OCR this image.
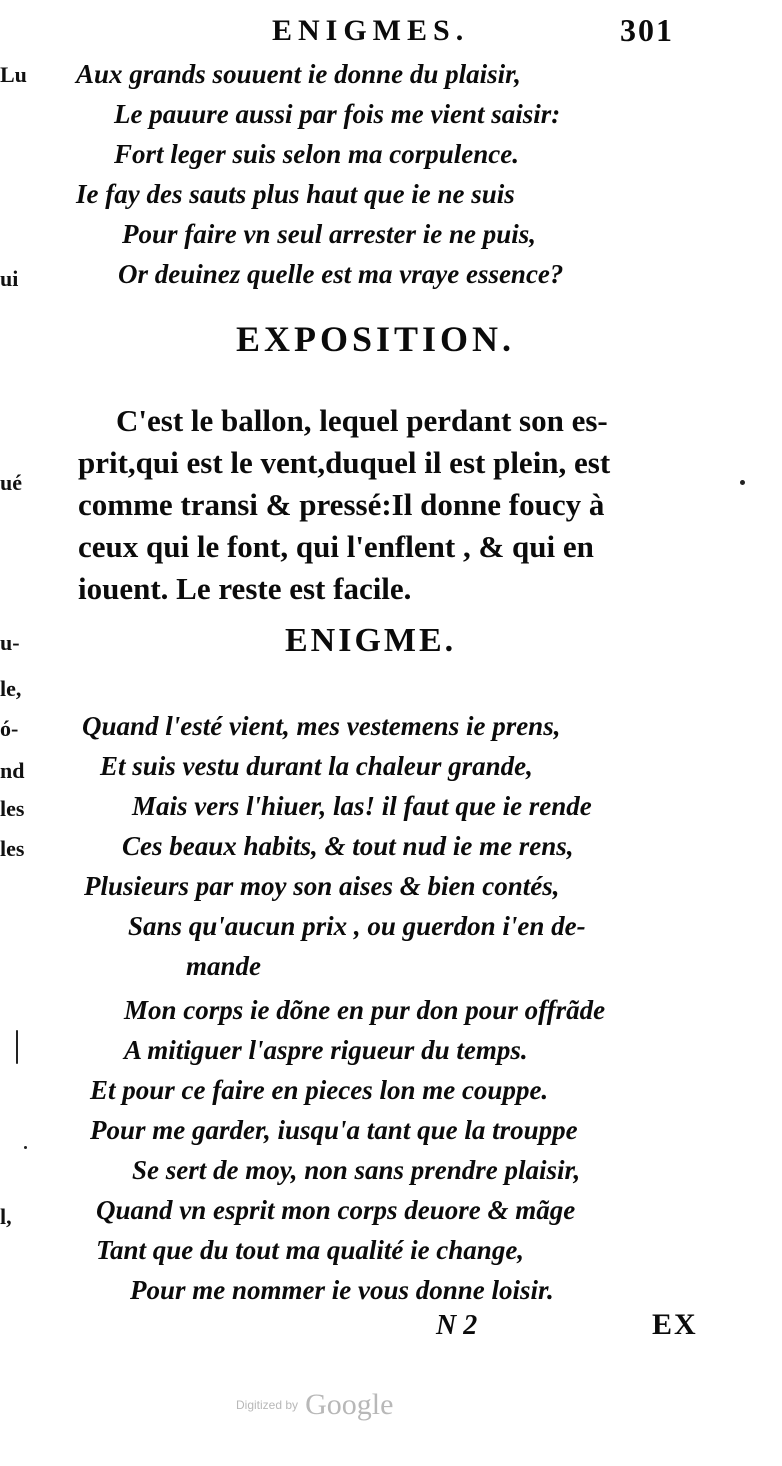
Lu
ui
ué
u-
le,
ó-
nd
les
les
l,
ENIGMES.	301
Aux grands souuent ie donne du plaisir,
Le pauure aussi par fois me vient saisir:
Fort leger suis selon ma corpulence.
Ie fay des sauts plus haut que ie ne suis
Pour faire vn seul arrester ie ne puis,
Or deuinez quelle est ma vraye essence?
EXPOSITION.
C'est le ballon, lequel perdant son es-
prit,qui est le vent,duquel il est plein, est
comme transi & pressé:Il donne foucy à
ceux qui le font, qui l'enflent , & qui en
iouent. Le reste est facile.
ENIGME.
Quand l'esté vient, mes vestemens ie prens,
Et suis vestu durant la chaleur grande,
Mais vers l'hiuer, las! il faut que ie rende
Ces beaux habits, & tout nud ie me rens,
Plusieurs par moy son aises & bien contés,
Sans qu'aucun prix , ou guerdon i'en de-
mande
Mon corps ie dõne en pur don pour offrãde
A mitiguer l'aspre rigueur du temps.
Et pour ce faire en pieces lon me couppe.
Pour me garder, iusqu'a tant que la trouppe
Se sert de moy, non sans prendre plaisir,
Quand vn esprit mon corps deuore & mãge
Tant que du tout ma qualité ie change,
Pour me nommer ie vous donne loisir.
N 2	EX
Digitized by Google
